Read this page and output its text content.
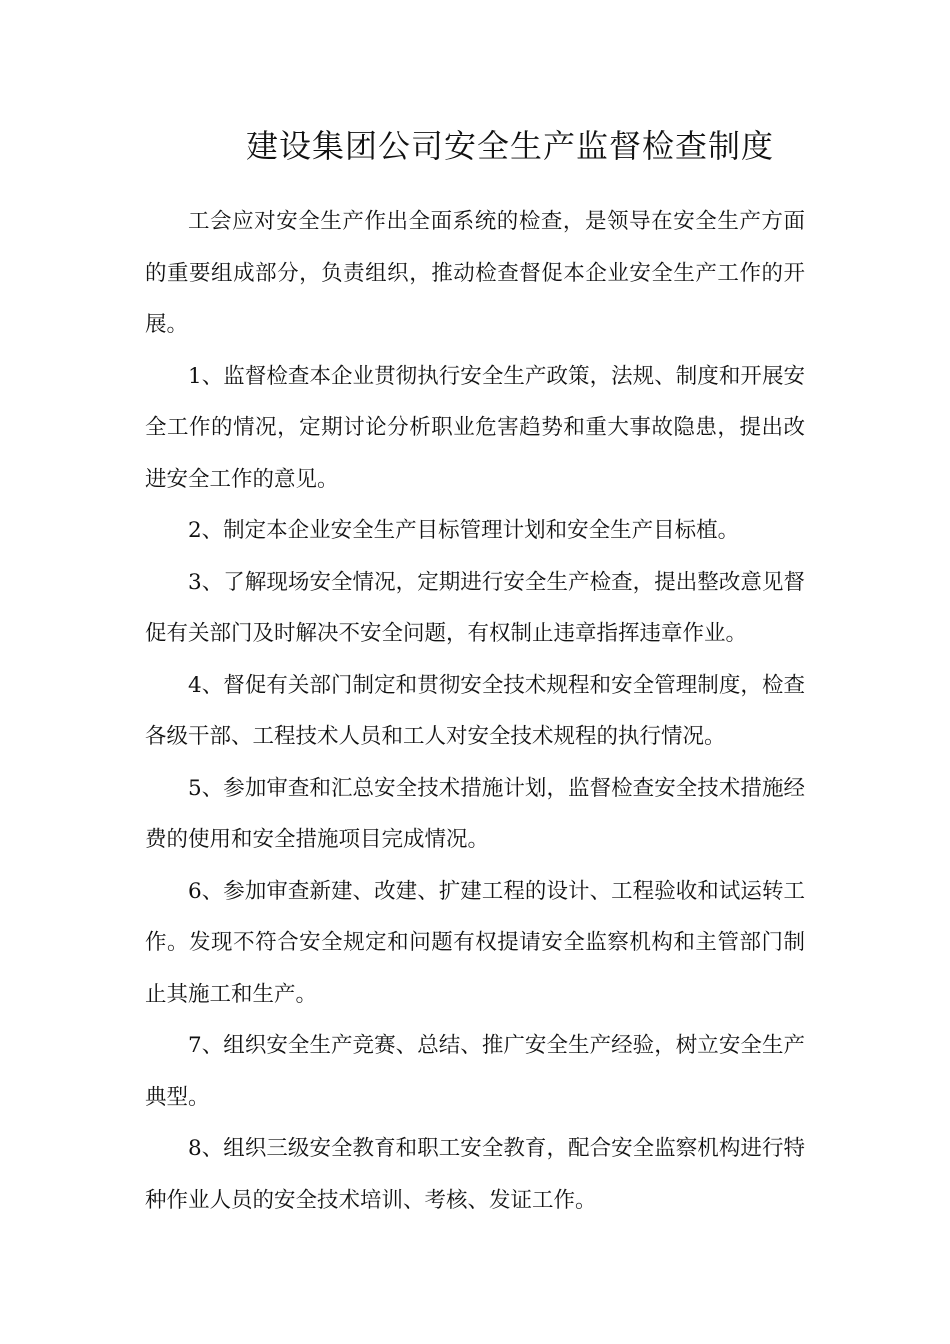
建设集团公司安全生产监督检查制度

工会应对安全生产作出全面系统的检查，是领导在安全生产方面的重要组成部分，负责组织，推动检查督促本企业安全生产工作的开展。

1、监督检查本企业贯彻执行安全生产政策，法规、制度和开展安全工作的情况，定期讨论分析职业危害趋势和重大事故隐患，提出改进安全工作的意见。

2、制定本企业安全生产目标管理计划和安全生产目标植。

3、了解现场安全情况，定期进行安全生产检查，提出整改意见督促有关部门及时解决不安全问题，有权制止违章指挥违章作业。

4、督促有关部门制定和贯彻安全技术规程和安全管理制度，检查各级干部、工程技术人员和工人对安全技术规程的执行情况。

5、参加审查和汇总安全技术措施计划，监督检查安全技术措施经费的使用和安全措施项目完成情况。

6、参加审查新建、改建、扩建工程的设计、工程验收和试运转工作。发现不符合安全规定和问题有权提请安全监察机构和主管部门制止其施工和生产。

7、组织安全生产竞赛、总结、推广安全生产经验，树立安全生产典型。

8、组织三级安全教育和职工安全教育，配合安全监察机构进行特种作业人员的安全技术培训、考核、发证工作。
